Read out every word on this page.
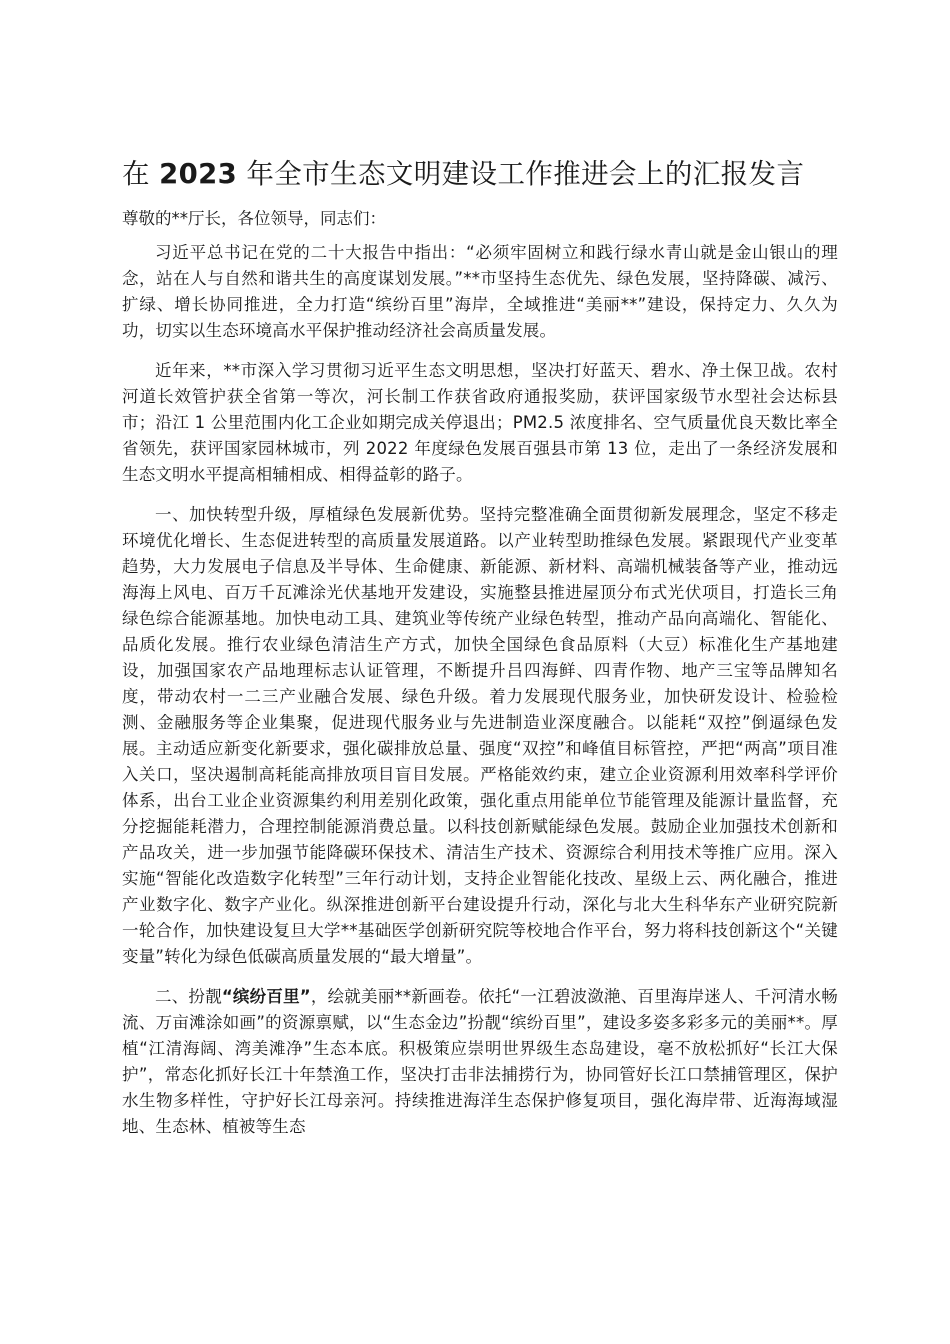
在 2023 年全市生态文明建设工作推进会上的汇报发言

尊敬的**厅长，各位领导，同志们：

习近平总书记在党的二十大报告中指出：“必须牢固树立和践行绿水青山就是金山银山的理念，站在人与自然和谐共生的高度谋划发展。”**市坚持生态优先、绿色发展，坚持降碳、减污、扩绿、增长协同推进，全力打造“缤纷百里”海岸，全域推进“美丽**”建设，保持定力、久久为功，切实以生态环境高水平保护推动经济社会高质量发展。

近年来，**市深入学习贯彻习近平生态文明思想，坚决打好蓝天、碧水、净土保卫战。农村河道长效管护获全省第一等次，河长制工作获省政府通报奖励，获评国家级节水型社会达标县市；沿江 1 公里范围内化工企业如期完成关停退出；PM2.5 浓度排名、空气质量优良天数比率全省领先，获评国家园林城市，列 2022 年度绿色发展百强县市第 13 位，走出了一条经济发展和生态文明水平提高相辅相成、相得益彰的路子。

一、加快转型升级，厚植绿色发展新优势。坚持完整准确全面贯彻新发展理念，坚定不移走环境优化增长、生态促进转型的高质量发展道路。以产业转型助推绿色发展。紧跟现代产业变革趋势，大力发展电子信息及半导体、生命健康、新能源、新材料、高端机械装备等产业，推动远海海上风电、百万千瓦滩涂光伏基地开发建设，实施整县推进屋顶分布式光伏项目，打造长三角绿色综合能源基地。加快电动工具、建筑业等传统产业绿色转型，推动产品向高端化、智能化、品质化发展。推行农业绿色清洁生产方式，加快全国绿色食品原料（大豆）标准化生产基地建设，加强国家农产品地理标志认证管理，不断提升吕四海鲜、四青作物、地产三宝等品牌知名度，带动农村一二三产业融合发展、绿色升级。着力发展现代服务业，加快研发设计、检验检测、金融服务等企业集聚，促进现代服务业与先进制造业深度融合。以能耗“双控”倒逼绿色发展。主动适应新变化新要求，强化碳排放总量、强度“双控”和峰值目标管控，严把“两高”项目准入关口，坚决遏制高耗能高排放项目盲目发展。严格能效约束，建立企业资源利用效率科学评价体系，出台工业企业资源集约利用差别化政策，强化重点用能单位节能管理及能源计量监督，充分挖掘能耗潜力，合理控制能源消费总量。以科技创新赋能绿色发展。鼓励企业加强技术创新和产品攻关，进一步加强节能降碳环保技术、清洁生产技术、资源综合利用技术等推广应用。深入实施“智能化改造数字化转型”三年行动计划，支持企业智能化技改、星级上云、两化融合，推进产业数字化、数字产业化。纵深推进创新平台建设提升行动，深化与北大生科华东产业研究院新一轮合作，加快建设复旦大学**基础医学创新研究院等校地合作平台，努力将科技创新这个“关键变量”转化为绿色低碳高质量发展的“最大增量”。

二、扮靓“缤纷百里”，绘就美丽**新画卷。依托“一江碧波潋滟、百里海岸迷人、千河清水畅流、万亩滩涂如画”的资源禀赋，以“生态金边”扮靓“缤纷百里”，建设多姿多彩多元的美丽**。厚植“江清海阔、湾美滩净”生态本底。积极策应崇明世界级生态岛建设，毫不放松抓好“长江大保护”，常态化抓好长江十年禁渔工作，坚决打击非法捕捞行为，协同管好长江口禁捕管理区，保护水生物多样性，守护好长江母亲河。持续推进海洋生态保护修复项目，强化海岸带、近海海域湿地、生态林、植被等生态
